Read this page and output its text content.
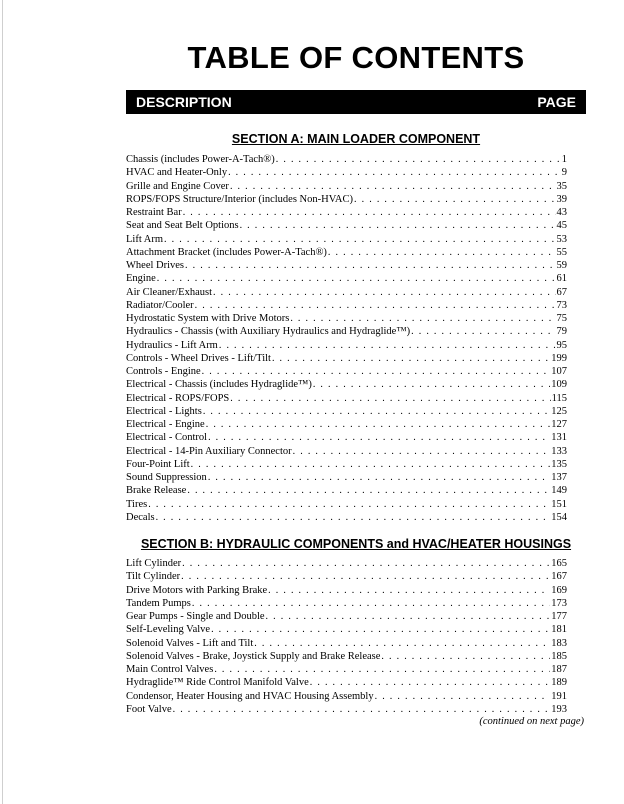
TABLE OF CONTENTS
DESCRIPTION	PAGE
SECTION A: MAIN LOADER COMPONENT
Chassis (includes Power-A-Tach®) . . .	1
HVAC and Heater-Only . . .	9
Grille and Engine Cover . . .	35
ROPS/FOPS Structure/Interior (includes Non-HVAC) . . .	39
Restraint Bar . . .	43
Seat and Seat Belt Options . . .	45
Lift Arm . . .	53
Attachment Bracket (includes Power-A-Tach®) . . .	55
Wheel Drives . . .	59
Engine . . .	61
Air Cleaner/Exhaust . . .	67
Radiator/Cooler . . .	73
Hydrostatic System with Drive Motors . . .	75
Hydraulics - Chassis (with Auxiliary Hydraulics and Hydraglide™) . . .	79
Hydraulics - Lift Arm . . .	95
Controls - Wheel Drives - Lift/Tilt . . .	199
Controls - Engine . . .	107
Electrical - Chassis (includes Hydraglide™) . . .	109
Electrical - ROPS/FOPS . . .	115
Electrical - Lights . . .	125
Electrical - Engine . . .	127
Electrical - Control . . .	131
Electrical - 14-Pin Auxiliary Connector . . .	133
Four-Point Lift . . .	135
Sound Suppression . . .	137
Brake Release . . .	149
Tires . . .	151
Decals . . .	154
SECTION B: HYDRAULIC COMPONENTS and HVAC/HEATER HOUSINGS
Lift Cylinder . . .	165
Tilt Cylinder . . .	167
Drive Motors with Parking Brake . . .	169
Tandem Pumps . . .	173
Gear Pumps - Single and Double . . .	177
Self-Leveling Valve . . .	181
Solenoid Valves - Lift and Tilt . . .	183
Solenoid Valves - Brake, Joystick Supply and Brake Release . . .	185
Main Control Valves . . .	187
Hydraglide™ Ride Control Manifold Valve . . .	189
Condensor, Heater Housing and HVAC Housing Assembly . . .	191
Foot Valve . . .	193
(continued on next page)
